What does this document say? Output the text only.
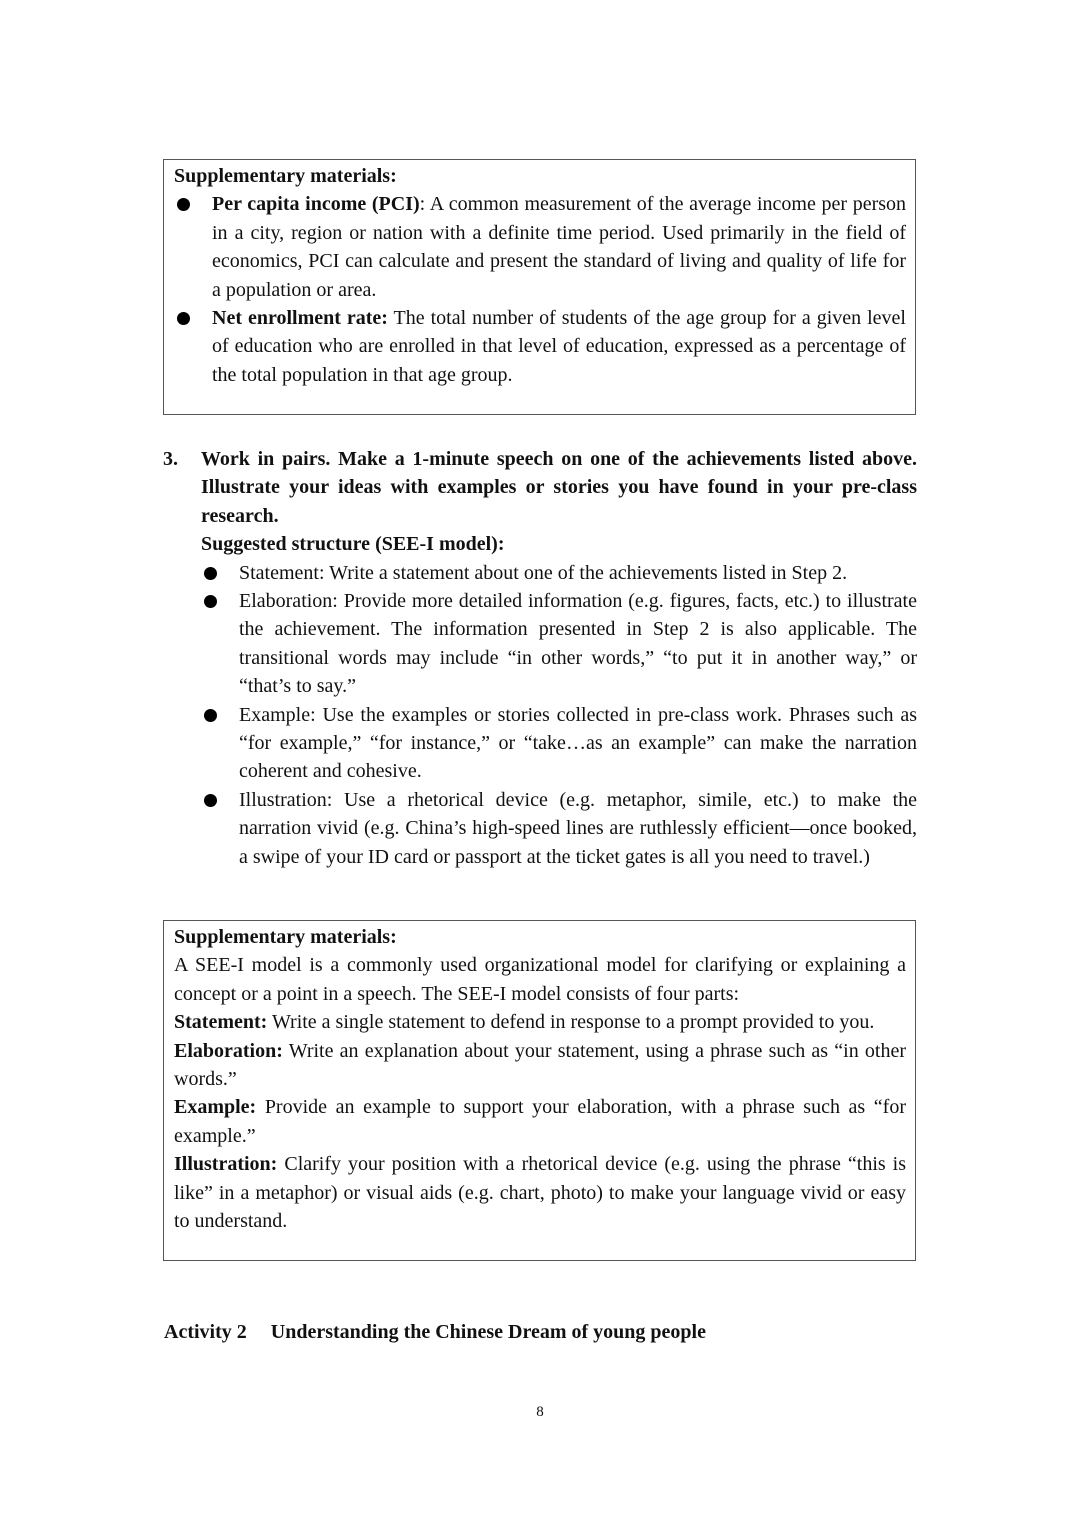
Supplementary materials:
Per capita income (PCI): A common measurement of the average income per person in a city, region or nation with a definite time period. Used primarily in the field of economics, PCI can calculate and present the standard of living and quality of life for a population or area.
Net enrollment rate: The total number of students of the age group for a given level of education who are enrolled in that level of education, expressed as a percentage of the total population in that age group.
3. Work in pairs. Make a 1-minute speech on one of the achievements listed above. Illustrate your ideas with examples or stories you have found in your pre-class research.
Suggested structure (SEE-I model):
Statement: Write a statement about one of the achievements listed in Step 2.
Elaboration: Provide more detailed information (e.g. figures, facts, etc.) to illustrate the achievement. The information presented in Step 2 is also applicable. The transitional words may include “in other words,” “to put it in another way,” or “that’s to say.”
Example: Use the examples or stories collected in pre-class work. Phrases such as “for example,” “for instance,” or “take…as an example” can make the narration coherent and cohesive.
Illustration: Use a rhetorical device (e.g. metaphor, simile, etc.) to make the narration vivid (e.g. China’s high-speed lines are ruthlessly efficient—once booked, a swipe of your ID card or passport at the ticket gates is all you need to travel.)
Supplementary materials:
A SEE-I model is a commonly used organizational model for clarifying or explaining a concept or a point in a speech. The SEE-I model consists of four parts:
Statement: Write a single statement to defend in response to a prompt provided to you.
Elaboration: Write an explanation about your statement, using a phrase such as “in other words.”
Example: Provide an example to support your elaboration, with a phrase such as “for example.”
Illustration: Clarify your position with a rhetorical device (e.g. using the phrase “this is like” in a metaphor) or visual aids (e.g. chart, photo) to make your language vivid or easy to understand.
Activity 2 Understanding the Chinese Dream of young people
8
